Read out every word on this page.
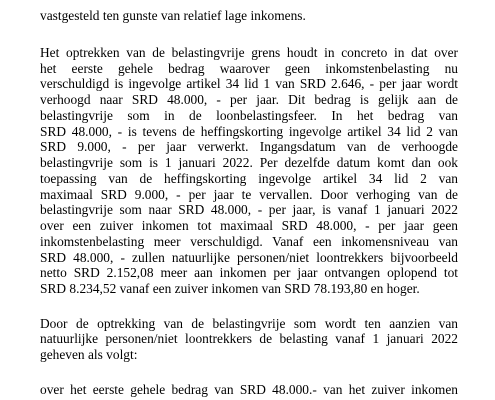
vastgesteld ten gunste van relatief lage inkomens.
Het optrekken van de belastingvrije grens houdt in concreto in dat over
het eerste gehele bedrag waarover geen inkomstenbelasting nu
verschuldigd is ingevolge artikel 34 lid 1 van SRD 2.646, - per jaar wordt
verhoogd naar SRD 48.000, - per jaar. Dit bedrag is gelijk aan de
belastingvrije som in de loonbelastingsfeer. In het bedrag van
SRD 48.000, - is tevens de heffingskorting ingevolge artikel 34 lid 2 van
SRD 9.000, - per jaar verwerkt. Ingangsdatum van de verhoogde
belastingvrije som is 1 januari 2022. Per dezelfde datum komt dan ook
toepassing van de heffingskorting ingevolge artikel 34 lid 2 van
maximaal SRD 9.000, - per jaar te vervallen. Door verhoging van de
belastingvrije som naar SRD 48.000, - per jaar, is vanaf 1 januari 2022
over een zuiver inkomen tot maximaal SRD 48.000, - per jaar geen
inkomstenbelasting meer verschuldigd. Vanaf een inkomensniveau van
SRD 48.000, - zullen natuurlijke personen/niet loontrekkers bijvoorbeeld
netto SRD 2.152,08 meer aan inkomen per jaar ontvangen oplopend tot
SRD 8.234,52 vanaf een zuiver inkomen van SRD 78.193,80 en hoger.
Door de optrekking van de belastingvrije som wordt ten aanzien van
natuurlijke personen/niet loontrekkers de belasting vanaf 1 januari 2022
geheven als volgt:
over het eerste gehele bedrag van SRD 48.000.- van het zuiver inkomen
